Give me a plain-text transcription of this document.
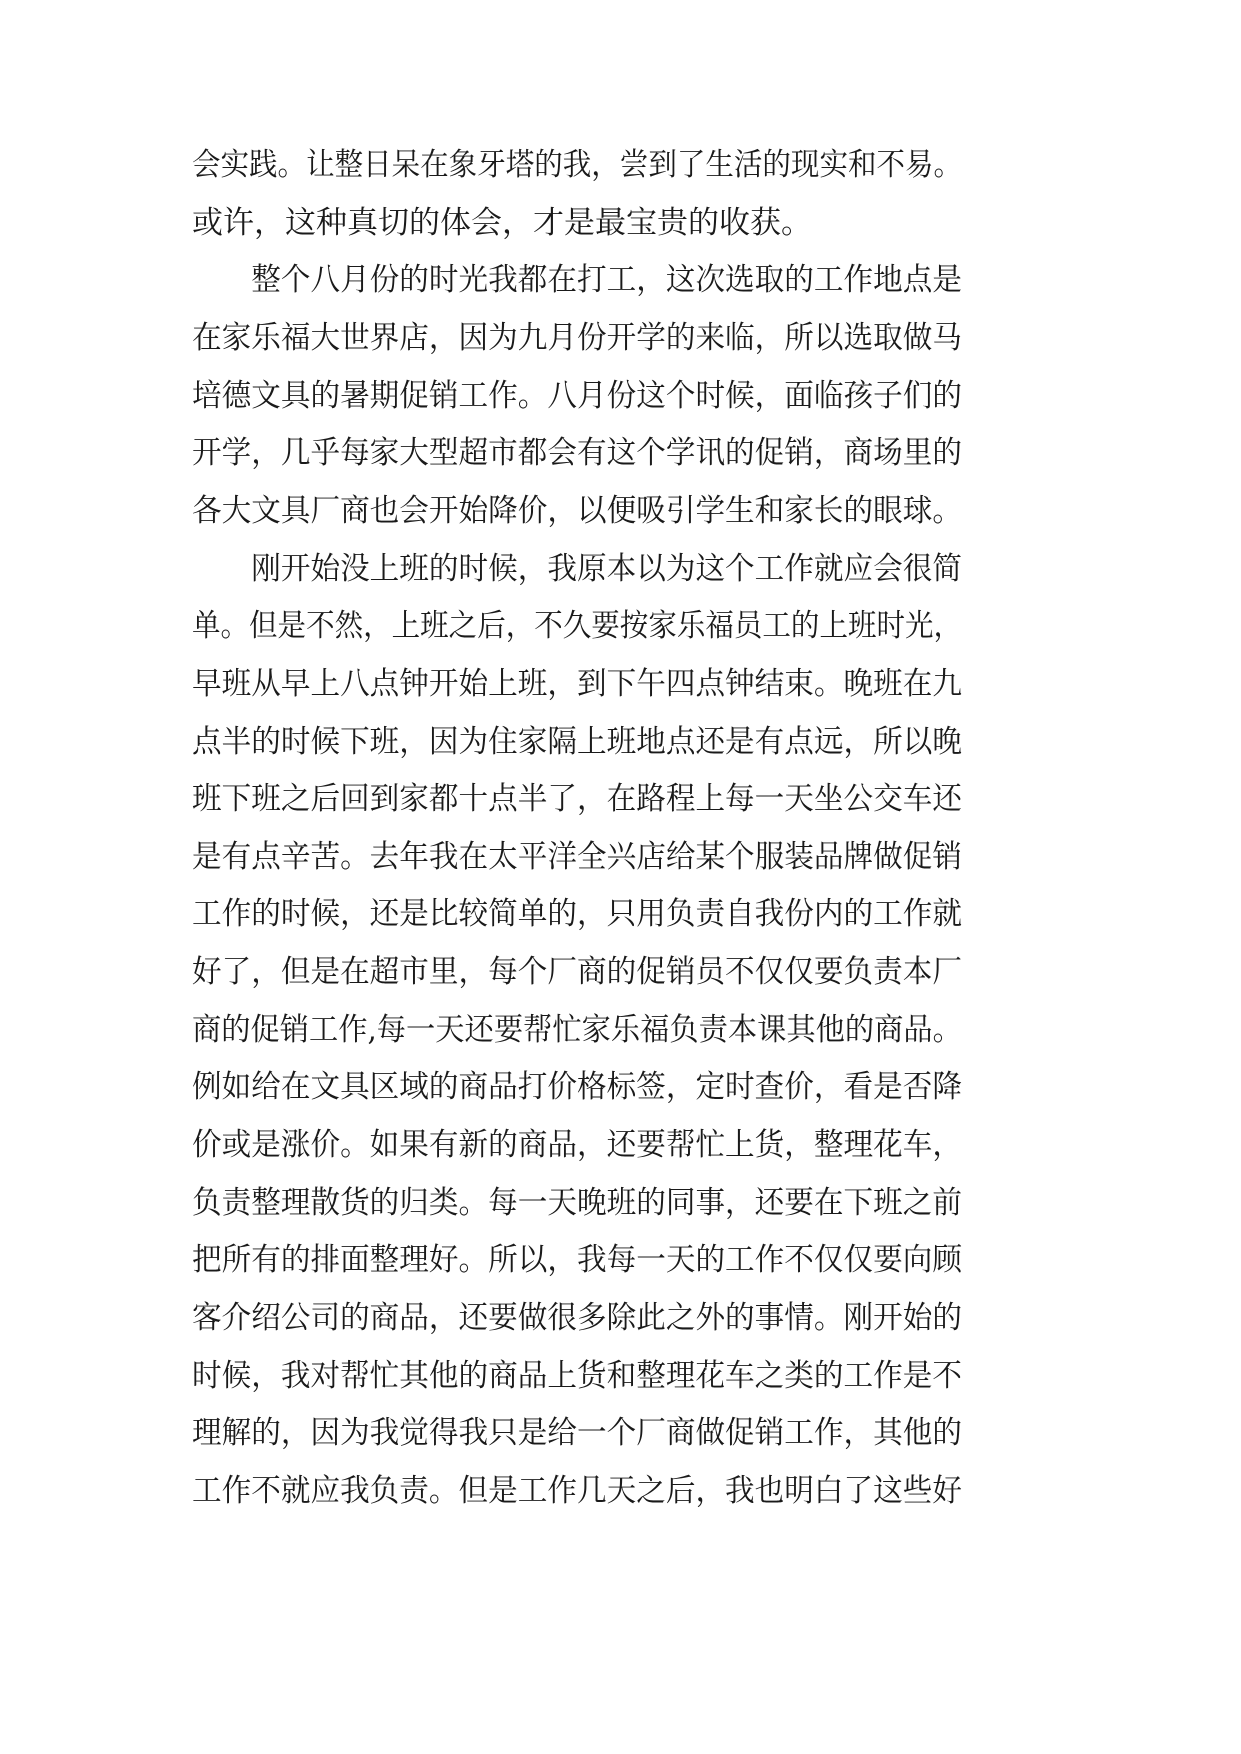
会实践。让整日呆在象牙塔的我，尝到了生活的现实和不易。
或许，这种真切的体会，才是最宝贵的收获。
　　整个八月份的时光我都在打工，这次选取的工作地点是
在家乐福大世界店，因为九月份开学的来临，所以选取做马
培德文具的暑期促销工作。八月份这个时候，面临孩子们的
开学，几乎每家大型超市都会有这个学讯的促销，商场里的
各大文具厂商也会开始降价，以便吸引学生和家长的眼球。
　　刚开始没上班的时候，我原本以为这个工作就应会很简
单。但是不然，上班之后，不久要按家乐福员工的上班时光，
早班从早上八点钟开始上班，到下午四点钟结束。晚班在九
点半的时候下班，因为住家隔上班地点还是有点远，所以晚
班下班之后回到家都十点半了，在路程上每一天坐公交车还
是有点辛苦。去年我在太平洋全兴店给某个服装品牌做促销
工作的时候，还是比较简单的，只用负责自我份内的工作就
好了，但是在超市里，每个厂商的促销员不仅仅要负责本厂
商的促销工作,每一天还要帮忙家乐福负责本课其他的商品。
例如给在文具区域的商品打价格标签，定时查价，看是否降
价或是涨价。如果有新的商品，还要帮忙上货，整理花车，
负责整理散货的归类。每一天晚班的同事，还要在下班之前
把所有的排面整理好。所以，我每一天的工作不仅仅要向顾
客介绍公司的商品，还要做很多除此之外的事情。刚开始的
时候，我对帮忙其他的商品上货和整理花车之类的工作是不
理解的，因为我觉得我只是给一个厂商做促销工作，其他的
工作不就应我负责。但是工作几天之后，我也明白了这些好
